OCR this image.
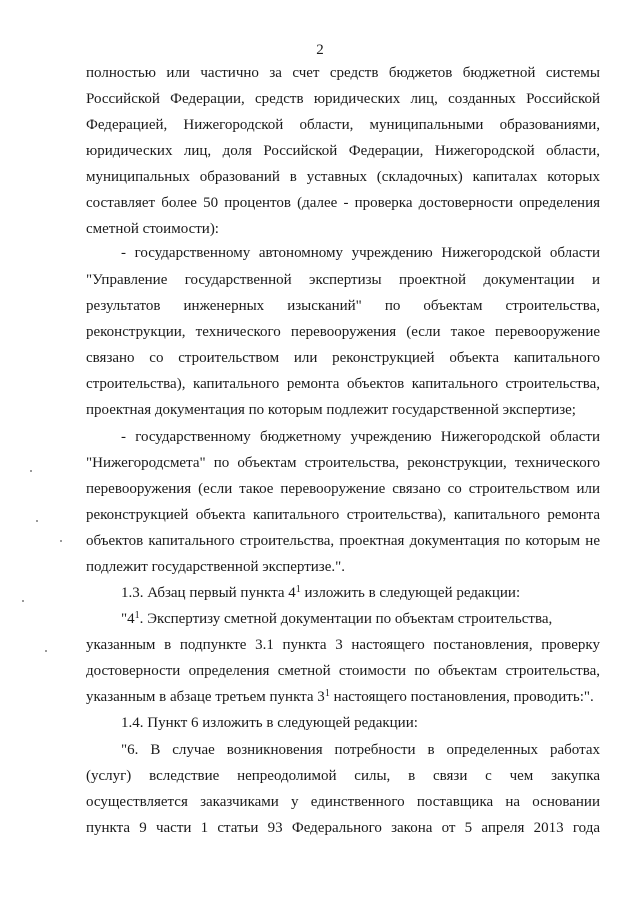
2
полностью или частично за счет средств бюджетов бюджетной системы
Российской Федерации, средств юридических лиц, созданных Российской
Федерацией, Нижегородской области, муниципальными образованиями,
юридических лиц, доля Российской Федерации, Нижегородской области,
муниципальных образований в уставных (складочных) капиталах которых
составляет более 50 процентов (далее - проверка достоверности определения
сметной стоимости):
- государственному автономному учреждению Нижегородской области
"Управление государственной экспертизы проектной документации и
результатов инженерных изысканий" по объектам строительства,
реконструкции, технического перевооружения (если такое перевооружение
связано со строительством или реконструкцией объекта капитального
строительства), капитального ремонта объектов капитального строительства,
проектная документация по которым подлежит государственной экспертизе;
- государственному бюджетному учреждению Нижегородской области
"Нижегородсмета" по объектам строительства, реконструкции, технического
перевооружения (если такое перевооружение связано со строительством или
реконструкцией объекта капитального строительства), капитального ремонта
объектов капитального строительства, проектная документация по которым не
подлежит государственной экспертизе.".
1.3. Абзац первый пункта $4^1$ изложить в следующей редакции:
"$4^1$. Экспертизу сметной документации по объектам строительства,
указанным в подпункте 3.1 пункта 3 настоящего постановления, проверку
достоверности определения сметной стоимости по объектам строительства,
указанным в абзаце третьем пункта $3^1$ настоящего постановления, проводить:".
1.4. Пункт 6 изложить в следующей редакции:
"6. В случае возникновения потребности в определенных работах
(услуг) вследствие непреодолимой силы, в связи с чем закупка
осуществляется заказчиками у единственного поставщика на основании
пункта 9 части 1 статьи 93 Федерального закона от 5 апреля 2013 года
